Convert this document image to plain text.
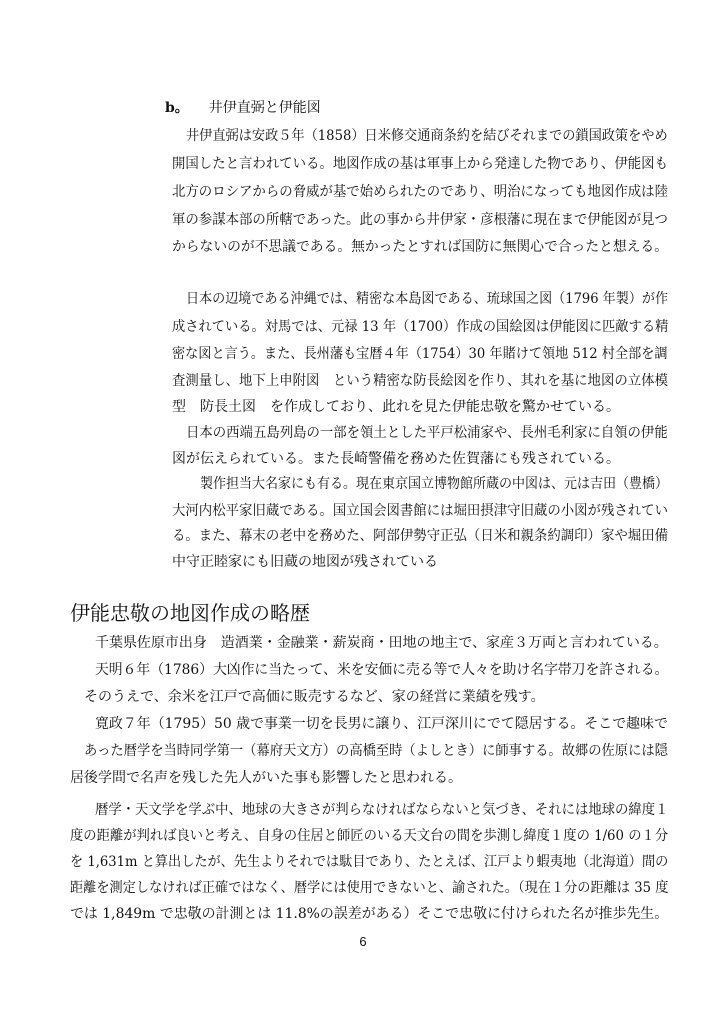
b。 井伊直弼と伊能図
井伊直弼は安政５年（1858）日米修交通商条約を結びそれまでの鎖国政策をやめ
開国したと言われている。地図作成の基は軍事上から発達した物であり、伊能図も
北方のロシアからの脅威が基で始められたのであり、明治になっても地図作成は陸
軍の参謀本部の所轄であった。此の事から井伊家・彦根藩に現在まで伊能図が見つ
からないのが不思議である。無かったとすれば国防に無関心で合ったと想える。
日本の辺境である沖縄では、精密な本島図である、琉球国之図（1796 年製）が作
成されている。対馬では、元禄 13 年（1700）作成の国絵図は伊能図に匹敵する精
密な図と言う。また、長州藩も宝暦４年（1754）30 年賭けて領地 512 村全部を調
査測量し、地下上申附図　という精密な防長絵図を作り、其れを基に地図の立体模
型　防長土図　を作成しており、此れを見た伊能忠敬を驚かせている。
日本の西端五島列島の一部を領土とした平戸松浦家や、長州毛利家に自領の伊能
図が伝えられている。また長崎警備を務めた佐賀藩にも残されている。
製作担当大名家にも有る。現在東京国立博物館所蔵の中図は、元は吉田（豊橋）
大河内松平家旧蔵である。国立国会図書館には堀田摂津守旧蔵の小図が残されてい
る。また、幕末の老中を務めた、阿部伊勢守正弘（日米和親条約調印）家や堀田備
中守正睦家にも旧蔵の地図が残されている
伊能忠敬の地図作成の略歴
千葉県佐原市出身　造酒業・金融業・薪炭商・田地の地主で、家産３万両と言われている。
天明６年（1786）大凶作に当たって、米を安価に売る等で人々を助け名字帯刀を許される。
そのうえで、余米を江戸で高価に販売するなど、家の経営に業績を残す。
寛政７年（1795）50 歳で事業一切を長男に譲り、江戸深川にでて隠居する。そこで趣味で
あった暦学を当時同学第一（幕府天文方）の高橋至時（よしとき）に師事する。故郷の佐原には隠
居後学問で名声を残した先人がいた事も影響したと思われる。
暦学・天文学を学ぶ中、地球の大きさが判らなければならないと気づき、それには地球の緯度１
度の距離が判れば良いと考え、自身の住居と師匠のいる天文台の間を歩測し緯度１度の 1/60 の１分
を 1,631m と算出したが、先生よりそれでは駄目であり、たとえば、江戸より蝦夷地（北海道）間の
距離を測定しなければ正確ではなく、暦学には使用できないと、諭された。（現在１分の距離は 35 度
では 1,849m で忠敬の計測とは 11.8%の誤差がある）そこで忠敬に付けられた名が推歩先生。
6
